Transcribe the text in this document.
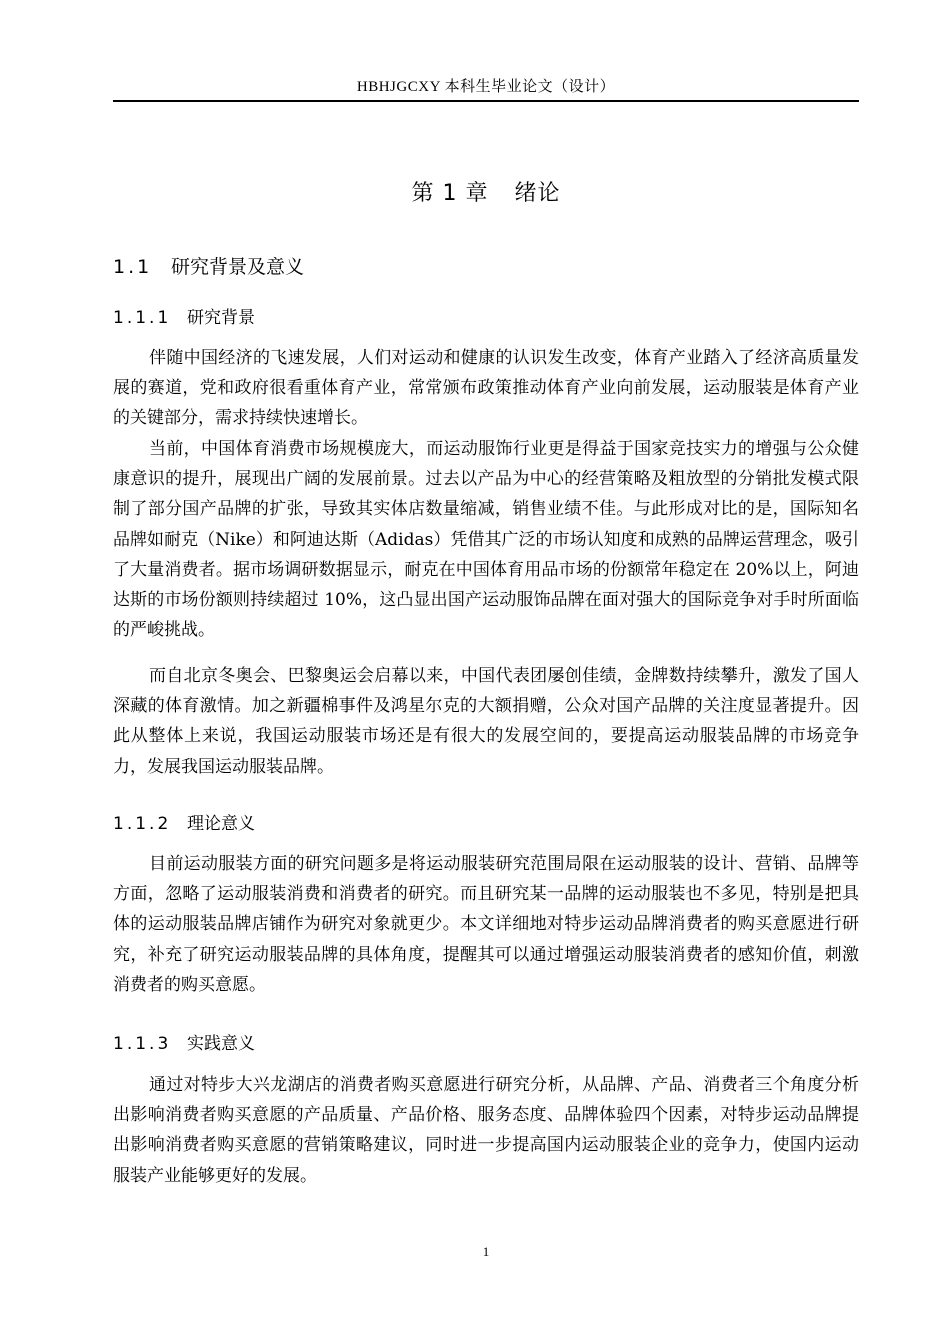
HBHJGCXY 本科生毕业论文（设计）
第 1 章 绪论
1.1 研究背景及意义
1.1.1 研究背景

伴随中国经济的飞速发展，人们对运动和健康的认识发生改变，体育产业踏入了经济高质量发展的赛道，党和政府很看重体育产业，常常颁布政策推动体育产业向前发展，运动服装是体育产业的关键部分，需求持续快速增长。

当前，中国体育消费市场规模庞大，而运动服饰行业更是得益于国家竞技实力的增强与公众健康意识的提升，展现出广阔的发展前景。过去以产品为中心的经营策略及粗放型的分销批发模式限制了部分国产品牌的扩张，导致其实体店数量缩减，销售业绩不佳。与此形成对比的是，国际知名品牌如耐克（Nike）和阿迪达斯（Adidas）凭借其广泛的市场认知度和成熟的品牌运营理念，吸引了大量消费者。据市场调研数据显示，耐克在中国体育用品市场的份额常年稳定在 20%以上，阿迪达斯的市场份额则持续超过 10%，这凸显出国产运动服饰品牌在面对强大的国际竞争对手时所面临的严峻挑战。

而自北京冬奥会、巴黎奥运会启幕以来，中国代表团屡创佳绩，金牌数持续攀升，激发了国人深藏的体育激情。加之新疆棉事件及鸿星尔克的大额捐赠，公众对国产品牌的关注度显著提升。因此从整体上来说，我国运动服装市场还是有很大的发展空间的，要提高运动服装品牌的市场竞争力，发展我国运动服装品牌。

1.1.2 理论意义

目前运动服装方面的研究问题多是将运动服装研究范围局限在运动服装的设计、营销、品牌等方面，忽略了运动服装消费和消费者的研究。而且研究某一品牌的运动服装也不多见，特别是把具体的运动服装品牌店铺作为研究对象就更少。本文详细地对特步运动品牌消费者的购买意愿进行研究，补充了研究运动服装品牌的具体角度，提醒其可以通过增强运动服装消费者的感知价值，刺激消费者的购买意愿。

1.1.3 实践意义

通过对特步大兴龙湖店的消费者购买意愿进行研究分析，从品牌、产品、消费者三个角度分析出影响消费者购买意愿的产品质量、产品价格、服务态度、品牌体验四个因素，对特步运动品牌提出影响消费者购买意愿的营销策略建议，同时进一步提高国内运动服装企业的竞争力，使国内运动服装产业能够更好的发展。

1
